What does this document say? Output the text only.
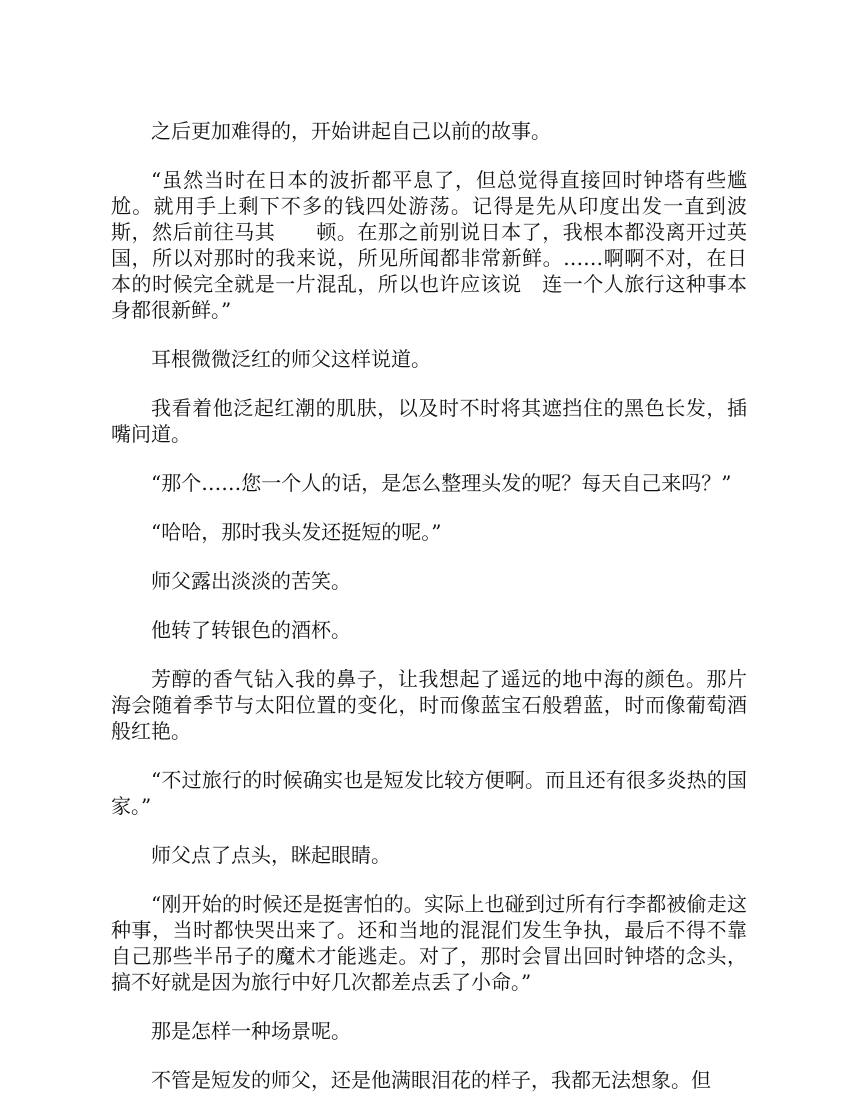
之后更加难得的，开始讲起自己以前的故事。

“虽然当时在日本的波折都平息了，但总觉得直接回时钟塔有些尴尬。就用手上剩下不多的钱四处游荡。记得是先从印度出发一直到波斯，然后前往马其　　顿。在那之前别说日本了，我根本都没离开过英国，所以对那时的我来说，所见所闻都非常新鲜。……啊啊不对，在日本的时候完全就是一片混乱，所以也许应该说　连一个人旅行这种事本身都很新鲜。”

耳根微微泛红的师父这样说道。

我看着他泛起红潮的肌肤，以及时不时将其遮挡住的黑色长发，插嘴问道。

“那个……您一个人的话，是怎么整理头发的呢？每天自己来吗？”

“哈哈，那时我头发还挺短的呢。”

师父露出淡淡的苦笑。

他转了转银色的酒杯。

芳醇的香气钻入我的鼻子，让我想起了遥远的地中海的颜色。那片海会随着季节与太阳位置的变化，时而像蓝宝石般碧蓝，时而像葡萄酒般红艳。

“不过旅行的时候确实也是短发比较方便啊。而且还有很多炎热的国家。”

师父点了点头，眯起眼睛。

“刚开始的时候还是挺害怕的。实际上也碰到过所有行李都被偷走这种事，当时都快哭出来了。还和当地的混混们发生争执，最后不得不靠自己那些半吊子的魔术才能逃走。对了，那时会冒出回时钟塔的念头，搞不好就是因为旅行中好几次都差点丢了小命。”

那是怎样一种场景呢。

不管是短发的师父，还是他满眼泪花的样子，我都无法想象。但
